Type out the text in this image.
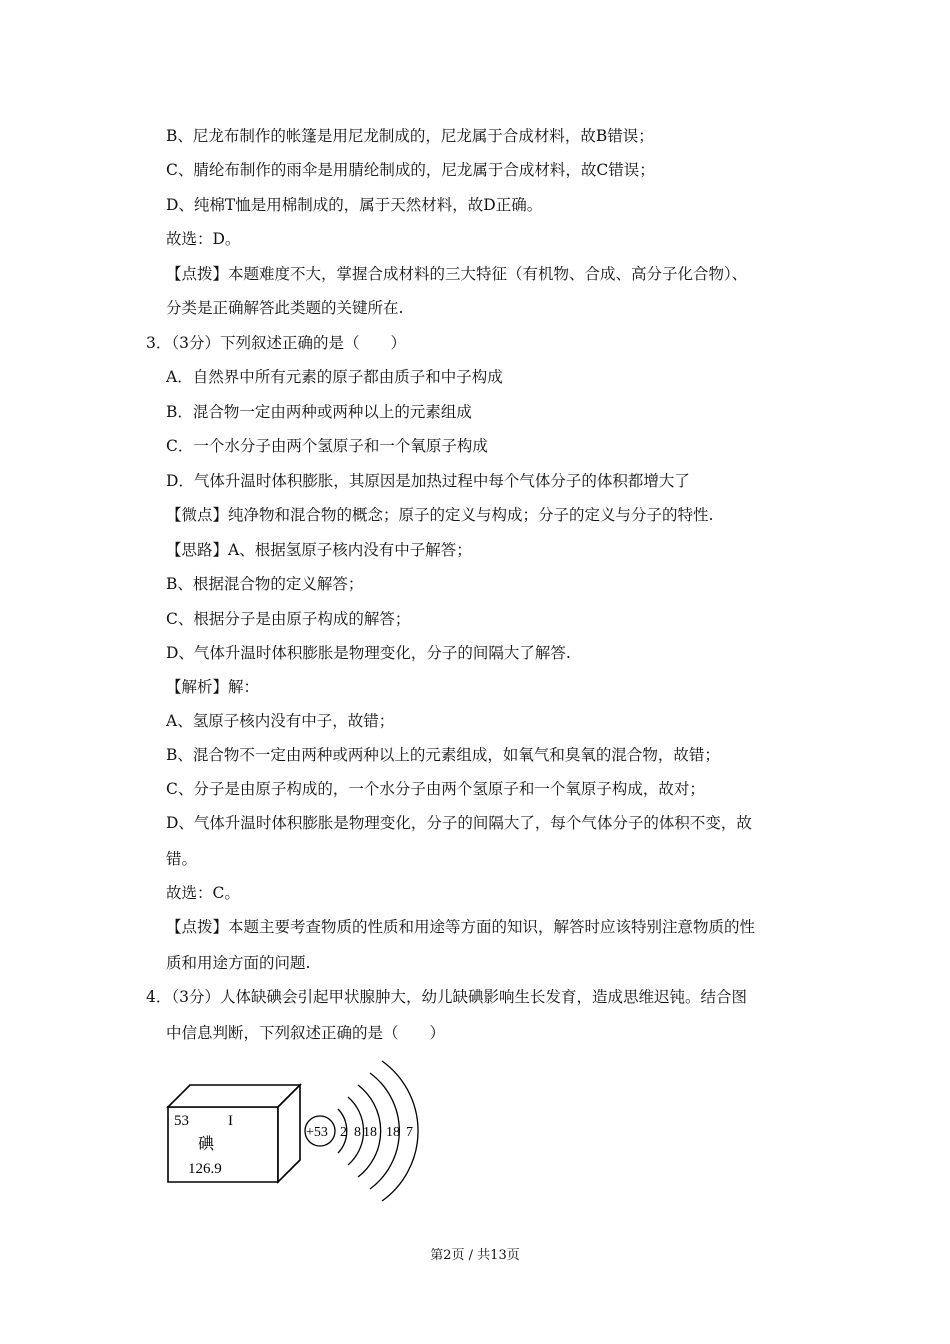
B、尼龙布制作的帐篷是用尼龙制成的，尼龙属于合成材料，故B错误；
C、腈纶布制作的雨伞是用腈纶制成的，尼龙属于合成材料，故C错误；
D、纯棉T恤是用棉制成的，属于天然材料，故D正确。
故选：D。
【点拨】本题难度不大，掌握合成材料的三大特征（有机物、合成、高分子化合物）、
分类是正确解答此类题的关键所在.
3．（3分）下列叙述正确的是（　　）
A．自然界中所有元素的原子都由质子和中子构成
B．混合物一定由两种或两种以上的元素组成
C．一个水分子由两个氢原子和一个氧原子构成
D．气体升温时体积膨胀，其原因是加热过程中每个气体分子的体积都增大了
【微点】纯净物和混合物的概念；原子的定义与构成；分子的定义与分子的特性.
【思路】A、根据氢原子核内没有中子解答；
B、根据混合物的定义解答；
C、根据分子是由原子构成的解答；
D、气体升温时体积膨胀是物理变化，分子的间隔大了解答.
【解析】解：
A、氢原子核内没有中子，故错；
B、混合物不一定由两种或两种以上的元素组成，如氧气和臭氧的混合物，故错；
C、分子是由原子构成的，一个水分子由两个氢原子和一个氧原子构成，故对；
D、气体升温时体积膨胀是物理变化，分子的间隔大了，每个气体分子的体积不变，故
错。
故选：C。
【点拨】本题主要考查物质的性质和用途等方面的知识，解答时应该特别注意物质的性
质和用途方面的问题.
4．（3分）人体缺碘会引起甲状腺肿大，幼儿缺碘影响生长发育，造成思维迟钝。结合图
中信息判断，下列叙述正确的是（　　）
53	I
碘
126.9
+53 2 8 18 18 7
第2页 / 共13页
